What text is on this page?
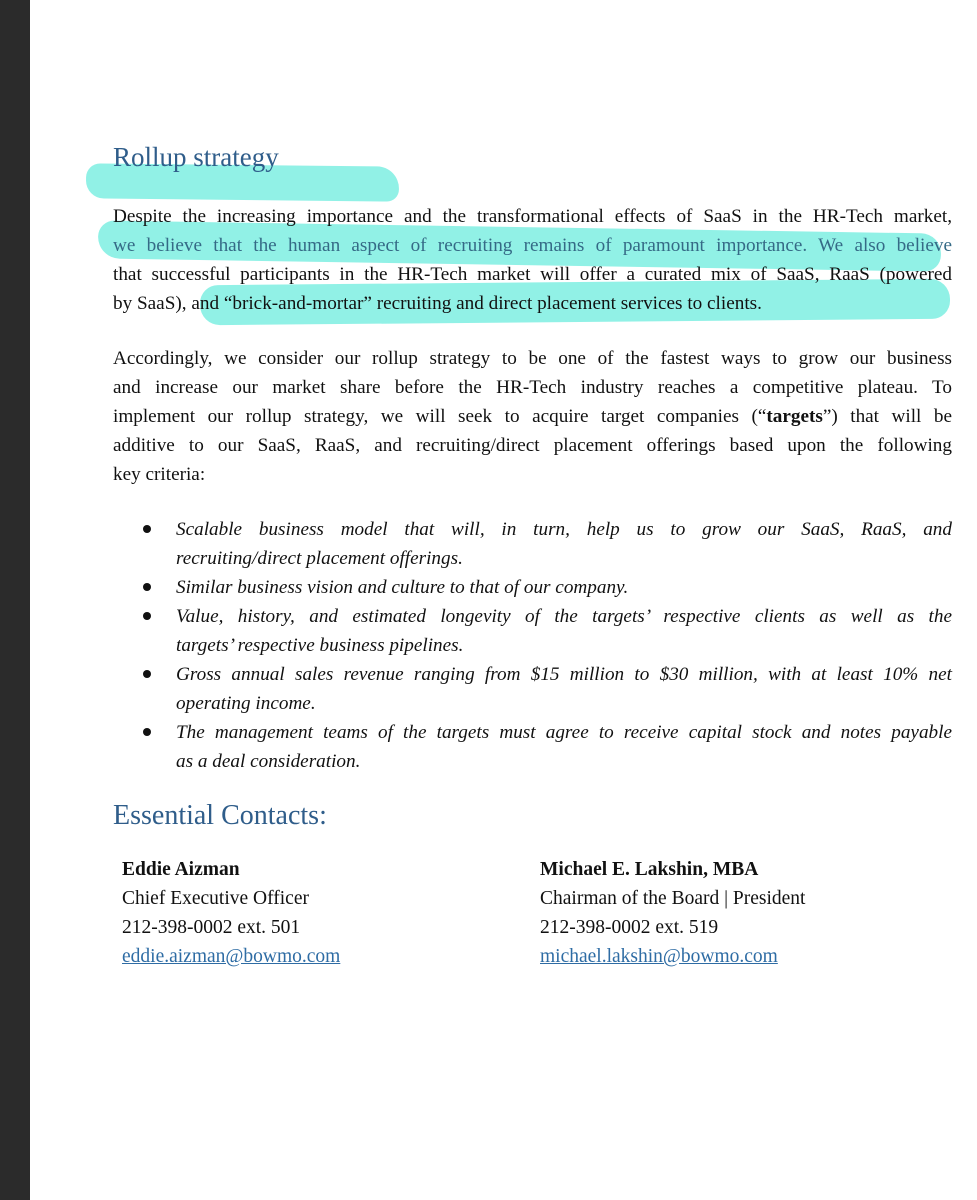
Rollup strategy
Despite the increasing importance and the transformational effects of SaaS in the HR-Tech market,
we believe that the human aspect of recruiting remains of paramount importance. We also believe
that successful participants in the HR-Tech market will offer a curated mix of SaaS, RaaS (powered
by SaaS), and “brick-and-mortar” recruiting and direct placement services to clients.
Accordingly, we consider our rollup strategy to be one of the fastest ways to grow our business
and increase our market share before the HR-Tech industry reaches a competitive plateau. To
implement our rollup strategy, we will seek to acquire target companies (“targets”) that will be
additive to our SaaS, RaaS, and recruiting/direct placement offerings based upon the following
key criteria:
Scalable business model that will, in turn, help us to grow our SaaS, RaaS, and
recruiting/direct placement offerings.
Similar business vision and culture to that of our company.
Value, history, and estimated longevity of the targets’ respective clients as well as the
targets’ respective business pipelines.
Gross annual sales revenue ranging from $15 million to $30 million, with at least 10% net
operating income.
The management teams of the targets must agree to receive capital stock and notes payable
as a deal consideration.
Essential Contacts:
Eddie Aizman
Chief Executive Officer
212-398-0002 ext. 501
eddie.aizman@bowmo.com
Michael E. Lakshin, MBA
Chairman of the Board | President
212-398-0002 ext. 519
michael.lakshin@bowmo.com
